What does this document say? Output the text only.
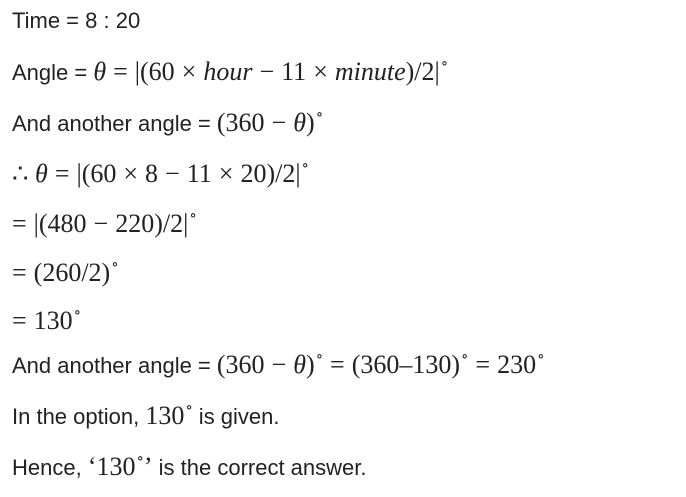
Time = 8 : 20
Angle = θ = |(60 × hour − 11 × minute)/2|∘
And another angle = (360 − θ)∘
∴ θ = |(60 × 8 − 11 × 20)/2|∘
= |(480 − 220)/2|∘
= (260/2)∘
= 130∘
And another angle = (360 − θ)∘ = (360–130)∘ = 230∘
In the option, 130∘ is given.
Hence, ‘130∘’ is the correct answer.
